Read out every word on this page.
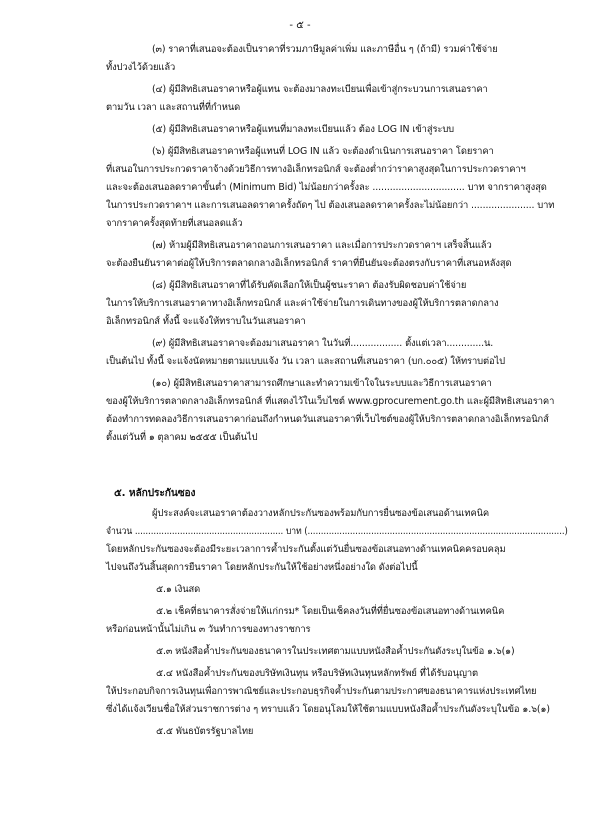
- ๕ -
(๓) ราคาที่เสนอจะต้องเป็นราคาที่รวมภาษีมูลค่าเพิ่ม และภาษีอื่น ๆ (ถ้ามี) รวมค่าใช้จ่าย
ทั้งปวงไว้ด้วยแล้ว
(๔) ผู้มีสิทธิเสนอราคาหรือผู้แทน จะต้องมาลงทะเบียนเพื่อเข้าสู่กระบวนการเสนอราคา
ตามวัน เวลา และสถานที่ที่กำหนด
(๕) ผู้มีสิทธิเสนอราคาหรือผู้แทนที่มาลงทะเบียนแล้ว ต้อง LOG IN เข้าสู่ระบบ
(๖) ผู้มีสิทธิเสนอราคาหรือผู้แทนที่ LOG IN แล้ว จะต้องดำเนินการเสนอราคา โดยราคา
ที่เสนอในการประกวดราคาจ้างด้วยวิธีการทางอิเล็กทรอนิกส์ จะต้องต่ำกว่าราคาสูงสุดในการประกวดราคาฯ
และจะต้องเสนอลดราคาขั้นต่ำ (Minimum Bid) ไม่น้อยกว่าครั้งละ ................................ บาท จากราคาสูงสุด
ในการประกวดราคาฯ และการเสนอลดราคาครั้งถัดๆ ไป ต้องเสนอลดราคาครั้งละไม่น้อยกว่า ...................... บาท
จากราคาครั้งสุดท้ายที่เสนอลดแล้ว
(๗) ห้ามผู้มีสิทธิเสนอราคาถอนการเสนอราคา และเมื่อการประกวดราคาฯ เสร็จสิ้นแล้ว
จะต้องยืนยันราคาต่อผู้ให้บริการตลาดกลางอิเล็กทรอนิกส์ ราคาที่ยืนยันจะต้องตรงกับราคาที่เสนอหลังสุด
(๘) ผู้มีสิทธิเสนอราคาที่ได้รับคัดเลือกให้เป็นผู้ชนะราคา ต้องรับผิดชอบค่าใช้จ่าย
ในการให้บริการเสนอราคาทางอิเล็กทรอนิกส์ และค่าใช้จ่ายในการเดินทางของผู้ให้บริการตลาดกลาง
อิเล็กทรอนิกส์ ทั้งนี้ จะแจ้งให้ทราบในวันเสนอราคา
(๙) ผู้มีสิทธิเสนอราคาจะต้องมาเสนอราคา ในวันที่.................. ตั้งแต่เวลา.............น.
เป็นต้นไป ทั้งนี้ จะแจ้งนัดหมายตามแบบแจ้ง วัน เวลา และสถานที่เสนอราคา (บก.๐๐๕) ให้ทราบต่อไป
(๑๐) ผู้มีสิทธิเสนอราคาสามารถศึกษาและทำความเข้าใจในระบบและวิธีการเสนอราคา
ของผู้ให้บริการตลาดกลางอิเล็กทรอนิกส์ ที่แสดงไว้ในเว็บไซต์ www.gprocurement.go.th และผู้มีสิทธิเสนอราคา
ต้องทำการทดลองวิธีการเสนอราคาก่อนถึงกำหนดวันเสนอราคาที่เว็บไซต์ของผู้ให้บริการตลาดกลางอิเล็กทรอนิกส์
ตั้งแต่วันที่ ๑ ตุลาคม ๒๕๕๕ เป็นต้นไป
๕. หลักประกันซอง
ผู้ประสงค์จะเสนอราคาต้องวางหลักประกันซองพร้อมกับการยื่นซองข้อเสนอด้านเทคนิค
จำนวน ........................................................ บาท (.................................................................................................)
โดยหลักประกันซองจะต้องมีระยะเวลาการค้ำประกันตั้งแต่วันยื่นซองข้อเสนอทางด้านเทคนิคครอบคลุม
ไปจนถึงวันสิ้นสุดการยืนราคา โดยหลักประกันให้ใช้อย่างหนึ่งอย่างใด ดังต่อไปนี้
๕.๑ เงินสด
๕.๒ เช็คที่ธนาคารสั่งจ่ายให้แก่กรม* โดยเป็นเช็คลงวันที่ที่ยื่นซองข้อเสนอทางด้านเทคนิค
หรือก่อนหน้านั้นไม่เกิน ๓ วันทำการของทางราชการ
๕.๓ หนังสือค้ำประกันของธนาคารในประเทศตามแบบหนังสือค้ำประกันดังระบุในข้อ ๑.๖(๑)
๕.๔ หนังสือค้ำประกันของบริษัทเงินทุน หรือบริษัทเงินทุนหลักทรัพย์ ที่ได้รับอนุญาต
ให้ประกอบกิจการเงินทุนเพื่อการพาณิชย์และประกอบธุรกิจค้ำประกันตามประกาศของธนาคารแห่งประเทศไทย
ซึ่งได้แจ้งเวียนชื่อให้ส่วนราชการต่าง ๆ ทราบแล้ว โดยอนุโลมให้ใช้ตามแบบหนังสือค้ำประกันดังระบุในข้อ ๑.๖(๑)
๕.๕ พันธบัตรรัฐบาลไทย
